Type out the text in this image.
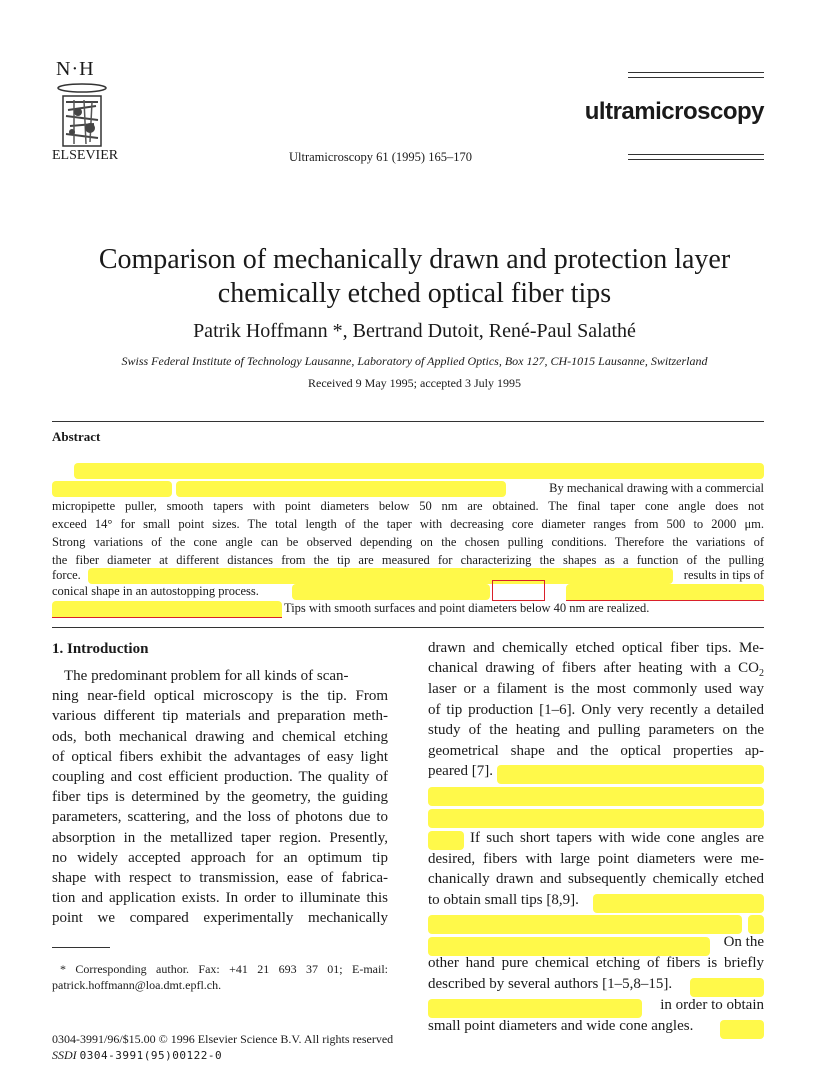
N·H
ELSEVIER	Ultramicroscopy 61 (1995) 165–170
ultramicroscopy
Comparison of mechanically drawn and protection layer
chemically etched optical fiber tips
Patrik Hoffmann *, Bertrand Dutoit, René-Paul Salathé
Swiss Federal Institute of Technology Lausanne, Laboratory of Applied Optics, Box 127, CH-1015 Lausanne, Switzerland
Received 9 May 1995; accepted 3 July 1995
Abstract
By mechanical drawing with a commercial
micropipette puller, smooth tapers with point diameters below 50 nm are obtained. The final taper cone angle does not
exceed 14° for small point sizes. The total length of the taper with decreasing core diameter ranges from 500 to 2000 μm.
Strong variations of the cone angle can be observed depending on the chosen pulling conditions. Therefore the variations of
the fiber diameter at different distances from the tip are measured for characterizing the shapes as a function of the pulling
force.	results in tips of
conical shape in an autostopping process.
Tips with smooth surfaces and point diameters below 40 nm are realized.
1. Introduction
The predominant problem for all kinds of scan-
ning near-field optical microscopy is the tip. From
various different tip materials and preparation meth-
ods, both mechanical drawing and chemical etching
of optical fibers exhibit the advantages of easy light
coupling and cost efficient production. The quality of
fiber tips is determined by the geometry, the guiding
parameters, scattering, and the loss of photons due to
absorption in the metallized taper region. Presently,
no widely accepted approach for an optimum tip
shape with respect to transmission, ease of fabrica-
tion and application exists. In order to illuminate this
point we compared experimentally mechanically
* Corresponding author. Fax: +41 21 693 37 01; E-mail:
patrick.hoffmann@loa.dmt.epfl.ch.
drawn and chemically etched optical fiber tips. Me-
chanical drawing of fibers after heating with a $CO_2$
laser or a filament is the most commonly used way
of tip production [1–6]. Only very recently a detailed
study of the heating and pulling parameters on the
geometrical shape and the optical properties ap-
peared [7].
If such short tapers with wide cone angles are
desired, fibers with large point diameters were me-
chanically drawn and subsequently chemically etched
to obtain small tips [8,9].
On the
other hand pure chemical etching of fibers is briefly
described by several authors [1–5,8–15].
in order to obtain
small point diameters and wide cone angles.
0304-3991/96/$15.00 © 1996 Elsevier Science B.V. All rights reserved
SSDI 0304-3991(95)00122-0
